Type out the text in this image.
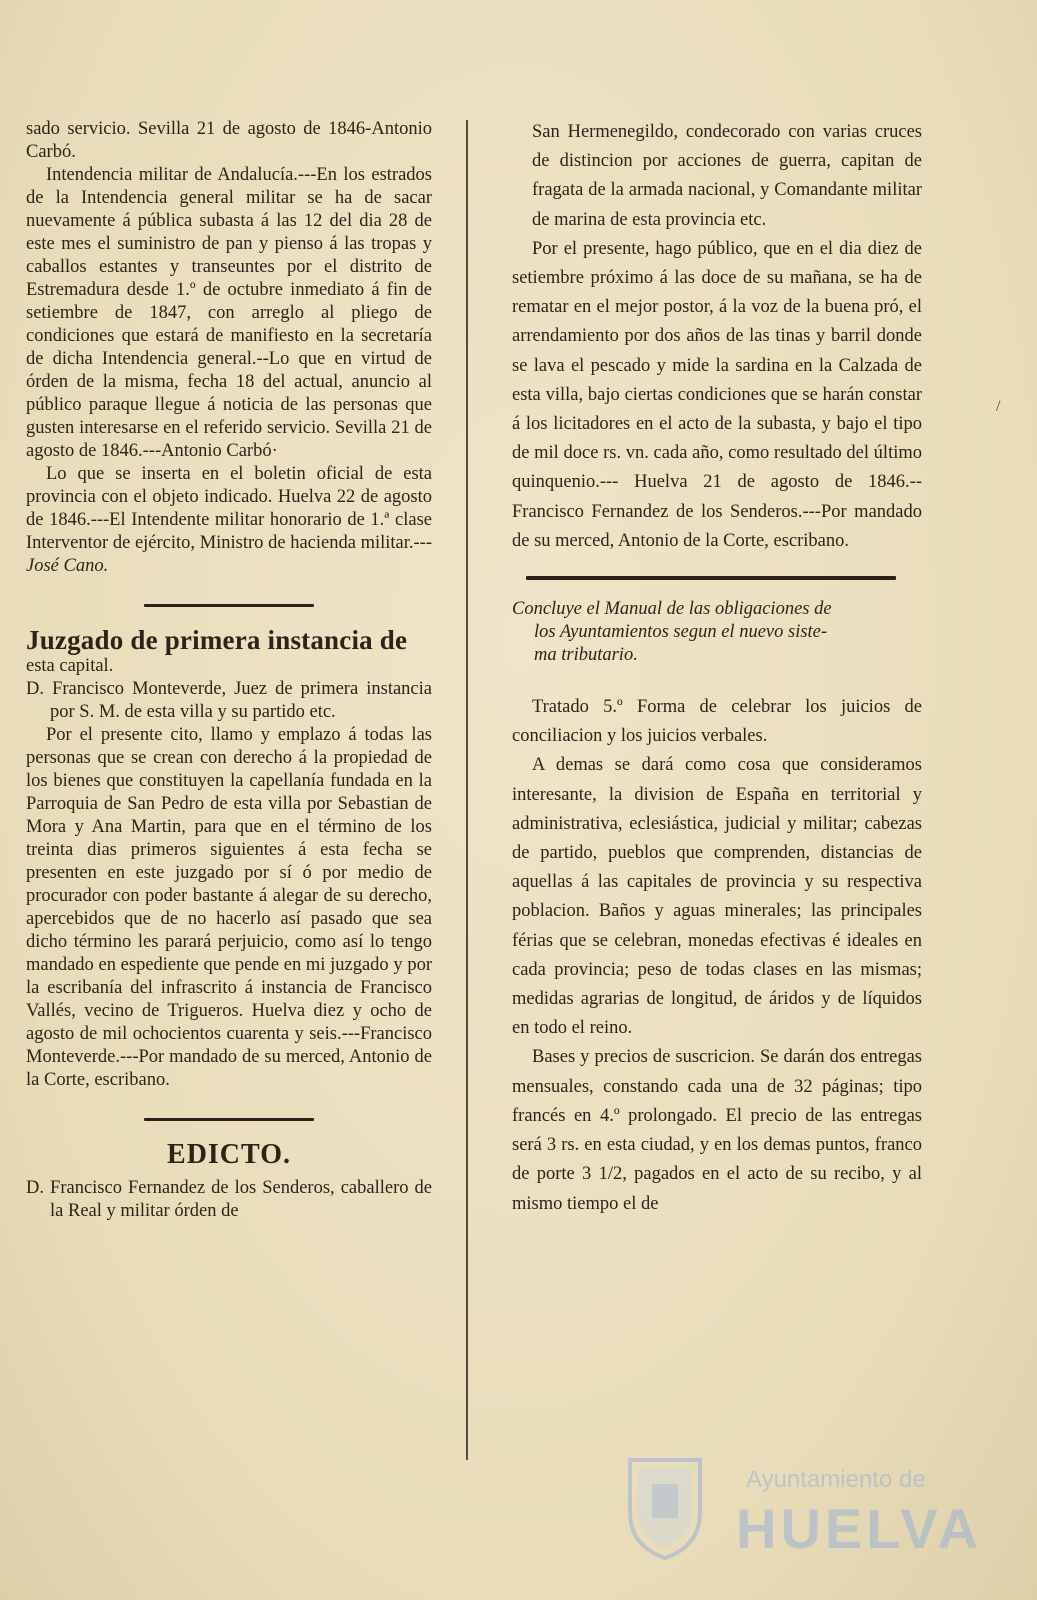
sado servicio. Sevilla 21 de agosto de 1846-Antonio Carbó.

Intendencia militar de Andalucía.---En los estrados de la Intendencia general militar se ha de sacar nuevamente á pública subasta á las 12 del dia 28 de este mes el suministro de pan y pienso á las tropas y caballos estantes y transeuntes por el distrito de Estremadura desde 1.º de octubre inmediato á fin de setiembre de 1847, con arreglo al pliego de condiciones que estará de manifiesto en la secretaría de dicha Intendencia general.--Lo que en virtud de órden de la misma, fecha 18 del actual, anuncio al público paraque llegue á noticia de las personas que gusten interesarse en el referido servicio. Sevilla 21 de agosto de 1846.---Antonio Carbó·

Lo que se inserta en el boletin oficial de esta provincia con el objeto indicado. Huelva 22 de agosto de 1846.---El Intendente militar honorario de 1.ª clase Interventor de ejército, Ministro de hacienda militar.---José Cano.

Juzgado de primera instancia de

esta capital.

D. Francisco Monteverde, Juez de primera instancia por S. M. de esta villa y su partido etc.

Por el presente cito, llamo y emplazo á todas las personas que se crean con derecho á la propiedad de los bienes que constituyen la capellanía fundada en la Parroquia de San Pedro de esta villa por Sebastian de Mora y Ana Martin, para que en el término de los treinta dias primeros siguientes á esta fecha se presenten en este juzgado por sí ó por medio de procurador con poder bastante á alegar de su derecho, apercebidos que de no hacerlo así pasado que sea dicho término les parará perjuicio, como así lo tengo mandado en espediente que pende en mi juzgado y por la escribanía del infrascrito á instancia de Francisco Vallés, vecino de Trigueros. Huelva diez y ocho de agosto de mil ochocientos cuarenta y seis.---Francisco Monteverde.---Por mandado de su merced, Antonio de la Corte, escribano.

EDICTO.

D. Francisco Fernandez de los Senderos, caballero de la Real y militar órden de

San Hermenegildo, condecorado con varias cruces de distincion por acciones de guerra, capitan de fragata de la armada nacional, y Comandante militar de marina de esta provincia etc.

Por el presente, hago público, que en el dia diez de setiembre próximo á las doce de su mañana, se ha de rematar en el mejor postor, á la voz de la buena pró, el arrendamiento por dos años de las tinas y barril donde se lava el pescado y mide la sardina en la Calzada de esta villa, bajo ciertas condiciones que se harán constar á los licitadores en el acto de la subasta, y bajo el tipo de mil doce rs. vn. cada año, como resultado del último quinquenio.--- Huelva 21 de agosto de 1846.--Francisco Fernandez de los Senderos.---Por mandado de su merced, Antonio de la Corte, escribano.

Concluye el Manual de las obligaciones de
los Ayuntamientos segun el nuevo siste-
ma tributario.

Tratado 5.º Forma de celebrar los juicios de conciliacion y los juicios verbales.

A demas se dará como cosa que consideramos interesante, la division de España en territorial y administrativa, eclesiástica, judicial y militar; cabezas de partido, pueblos que comprenden, distancias de aquellas á las capitales de provincia y su respectiva poblacion. Baños y aguas minerales; las principales férias que se celebran, monedas efectivas é ideales en cada provincia; peso de todas clases en las mismas; medidas agrarias de longitud, de áridos y de líquidos en todo el reino.

Bases y precios de suscricion. Se darán dos entregas mensuales, constando cada una de 32 páginas; tipo francés en 4.º prolongado. El precio de las entregas será 3 rs. en esta ciudad, y en los demas puntos, franco de porte 3 1/2, pagados en el acto de su recibo, y al mismo tiempo el de

/
Ayuntamiento de
HUELVA
